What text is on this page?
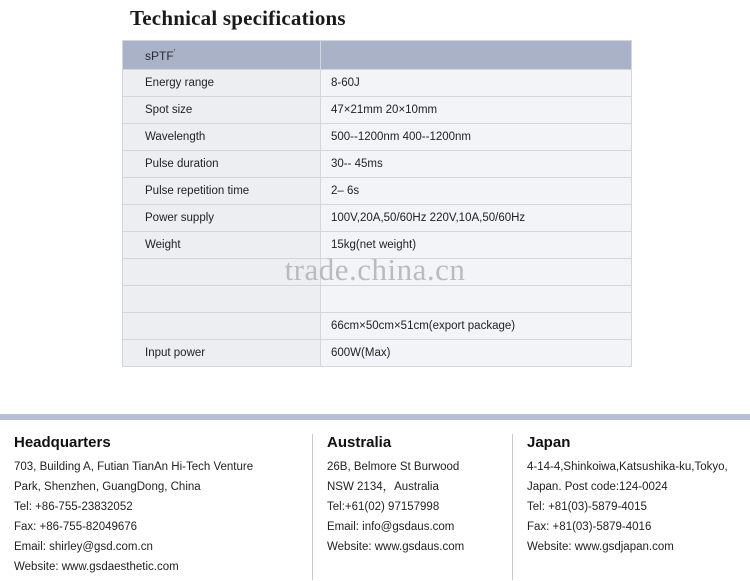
Technical specifications
sPTF'	
Energy range	8-60J
Spot size	47×21mm 20×10mm
Wavelength	500--1200nm 400--1200nm
Pulse duration	30-- 45ms
Pulse repetition time	2– 6s
Power supply	100V,20A,50/60Hz 220V,10A,50/60Hz
Weight	15kg(net weight)

	66cm×50cm×51cm(export package)
Input power	600W(Max)
trade.china.cn
Headquarters

703, Building A, Futian TianAn Hi-Tech Venture

Park, Shenzhen, GuangDong, China

Tel: +86-755-23832052

Fax: +86-755-82049676

Email: shirley@gsd.com.cn

Website: www.gsdaesthetic.com

Australia

26B, Belmore St Burwood

NSW 2134，Australia

Tel:+61(02) 97157998

Email: info@gsdaus.com

Website: www.gsdaus.com

Japan

4-14-4,Shinkoiwa,Katsushika-ku,Tokyo,

Japan. Post code:124-0024

Tel: +81(03)-5879-4015

Fax: +81(03)-5879-4016

Website: www.gsdjapan.com
